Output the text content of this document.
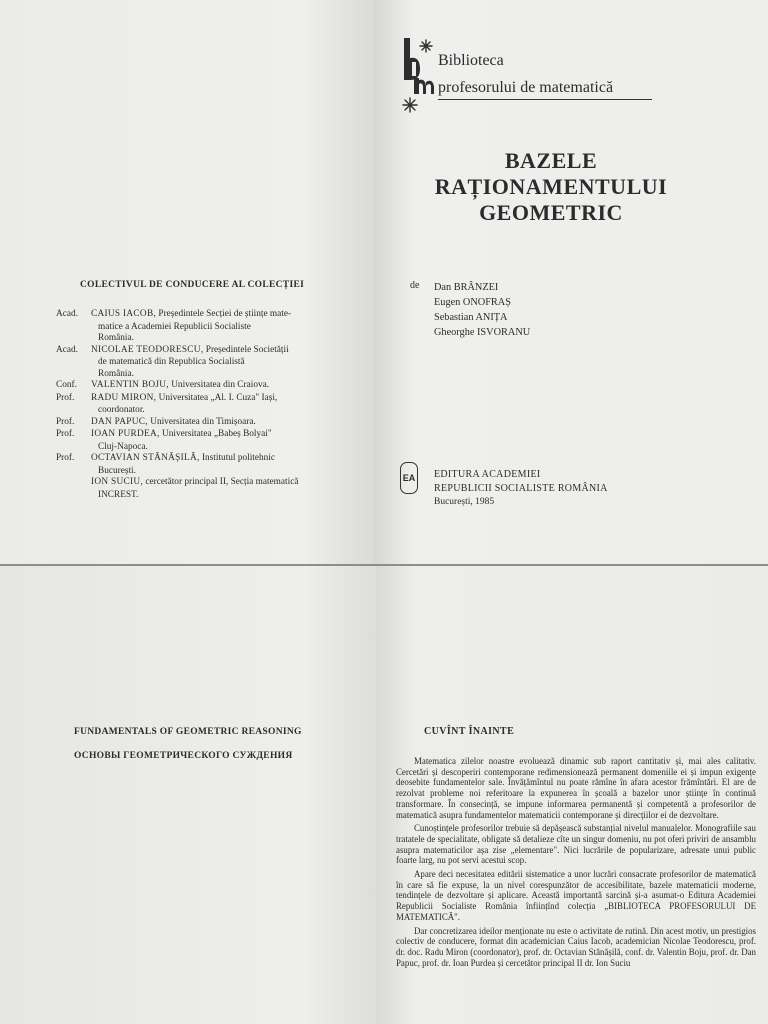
COLECTIVUL DE CONDUCERE AL COLECȚIEI
Acad.	CAIUS IACOB, Președintele Secției de științe mate-
matice a Academiei Republicii Socialiste
România.
Acad.	NICOLAE TEODORESCU, Președintele Societății
de matematică din Republica Socialistă
România.
Conf.	VALENTIN BOJU, Universitatea din Craiova.
Prof.	RADU MIRON, Universitatea „Al. I. Cuza" Iași,
coordonator.
Prof.	DAN PAPUC, Universitatea din Timișoara.
Prof.	IOAN PURDEA, Universitatea „Babeș Bolyai"
Cluj-Napoca.
Prof.	OCTAVIAN STĂNĂȘILĂ, Institutul politehnic
București.
ION SUCIU, cercetător principal II, Secția matematică
INCREST.
Biblioteca
profesorului de matematică
BAZELE
RAȚIONAMENTULUI
GEOMETRIC
de Dan BRÂNZEI
Eugen ONOFRAȘ
Sebastian ANIȚA
Gheorghe ISVORANU
EA EDITURA ACADEMIEI
REPUBLICII SOCIALISTE ROMÂNIA
București, 1985
FUNDAMENTALS OF GEOMETRIC REASONING
ОСНОВЫ ГЕОМЕТРИЧЕСКОГО СУЖДЕНИЯ
CUVÎNT ÎNAINTE

Matematica zilelor noastre evoluează dinamic sub raport cantitativ și, mai ales calitativ. Cercetări și descoperiri contemporane redimensionează permanent domeniile ei și impun exigențe deosebite fundamentelor sale. Învățămîntul nu poate rămîne în afara acestor frămîntări. El are de rezolvat probleme noi referitoare la expunerea în școală a bazelor unor științe în continuă transformare. În consecință, se impune informarea permanentă și competentă a profesorilor de matematică asupra fundamentelor matematicii contemporane și direcțiilor ei de dezvoltare.

Cunoștințele profesorilor trebuie să depășească substanțial nivelul manualelor. Monografiile sau tratatele de specialitate, obligate să detalieze cîte un singur domeniu, nu pot oferi priviri de ansamblu asupra matematicilor așa zise „elementare". Nici lucrările de popularizare, adresate unui public foarte larg, nu pot servi acestui scop.

Apare deci necesitatea editării sistematice a unor lucrări consacrate profesorilor de matematică în care să fie expuse, la un nivel corespunzător de accesibilitate, bazele matematicii moderne, tendințele de dezvoltare și aplicare. Această importantă sarcină și-a asumat-o Editura Academiei Republicii Socialiste România înființînd colecția „BIBLIOTECA PROFESORULUI DE MATEMATICĂ".

Dar concretizarea ideilor menționate nu este o activitate de rutină. Din acest motiv, un prestigios colectiv de conducere, format din academician Caius Iacob, academician Nicolae Teodorescu, prof. dr. doc. Radu Miron (coordonator), prof. dr. Octavian Stănășilă, conf. dr. Valentin Boju, prof. dr. Dan Papuc, prof. dr. Ioan Purdea și cercetător principal II dr. Ion Suciu
